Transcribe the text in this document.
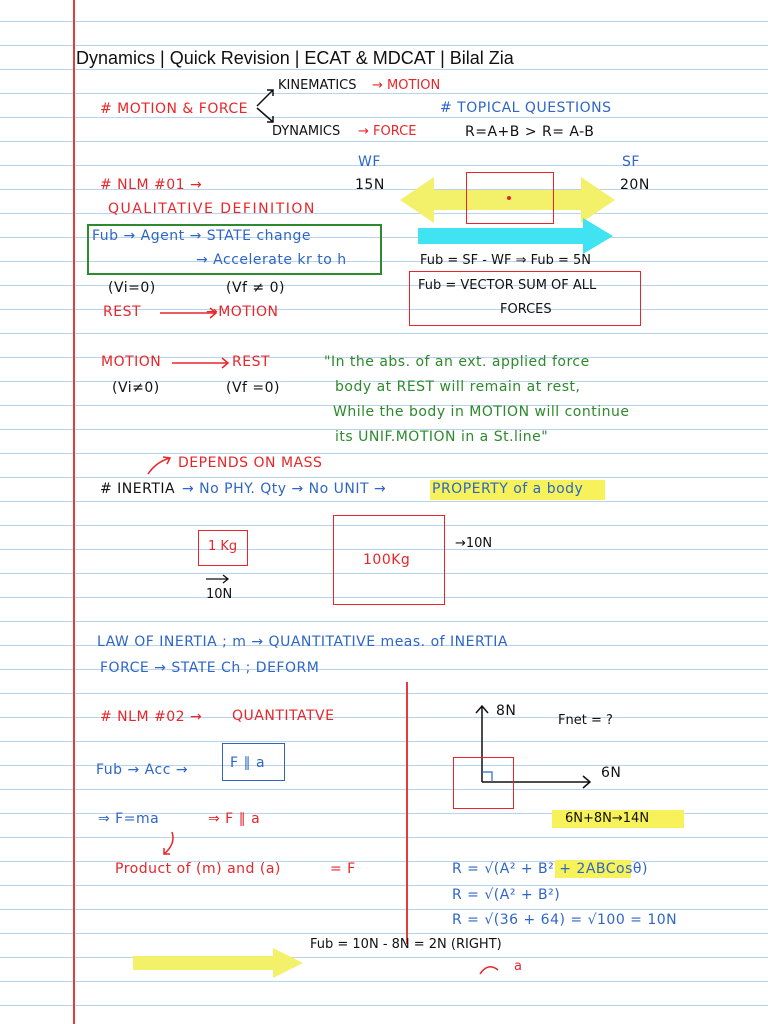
Dynamics | Quick Revision | ECAT & MDCAT | Bilal Zia
# MOTION & FORCE
KINEMATICS → MOTION
DYNAMICS → FORCE
# TOPICAL QUESTIONS
R=A+B > R= A-B
# NLM #01 →
QUALITATIVE DEFINITION
Fub → Agent → STATE change
→ Accelerate kr to h
(Vi=0)	(Vf ≠ 0)
REST	→MOTION
WF	SF
15N	20N
Fub = SF - WF ⇒ Fub = 5N
Fub = VECTOR SUM OF ALL
FORCES
MOTION	REST
(Vi≠0)	(Vf =0)
"In the abs. of an ext. applied force
body at REST will remain at rest,
While the body in MOTION will continue
its UNIF.MOTION in a St.line"
DEPENDS ON MASS
# INERTIA → No PHY. Qty → No UNIT →	PROPERTY of a body
1 Kg
10N
100Kg
→10N
LAW OF INERTIA ; m → QUANTITATIVE meas. of INERTIA
FORCE → STATE Ch ; DEFORM
# NLM #02 → QUANTITATVE
Fub → Acc →	F ∥ a
⇒ F=ma	⇒ F ∥ a
Product of (m) and (a)	= F
Fub = 10N - 8N = 2N (RIGHT)
8N
6N
Fnet = ?
6N+8N→14N
R = √(A² + B² + 2ABCosθ)
R = √(A² + B²)
R = √(36 + 64) = √100 = 10N
a
